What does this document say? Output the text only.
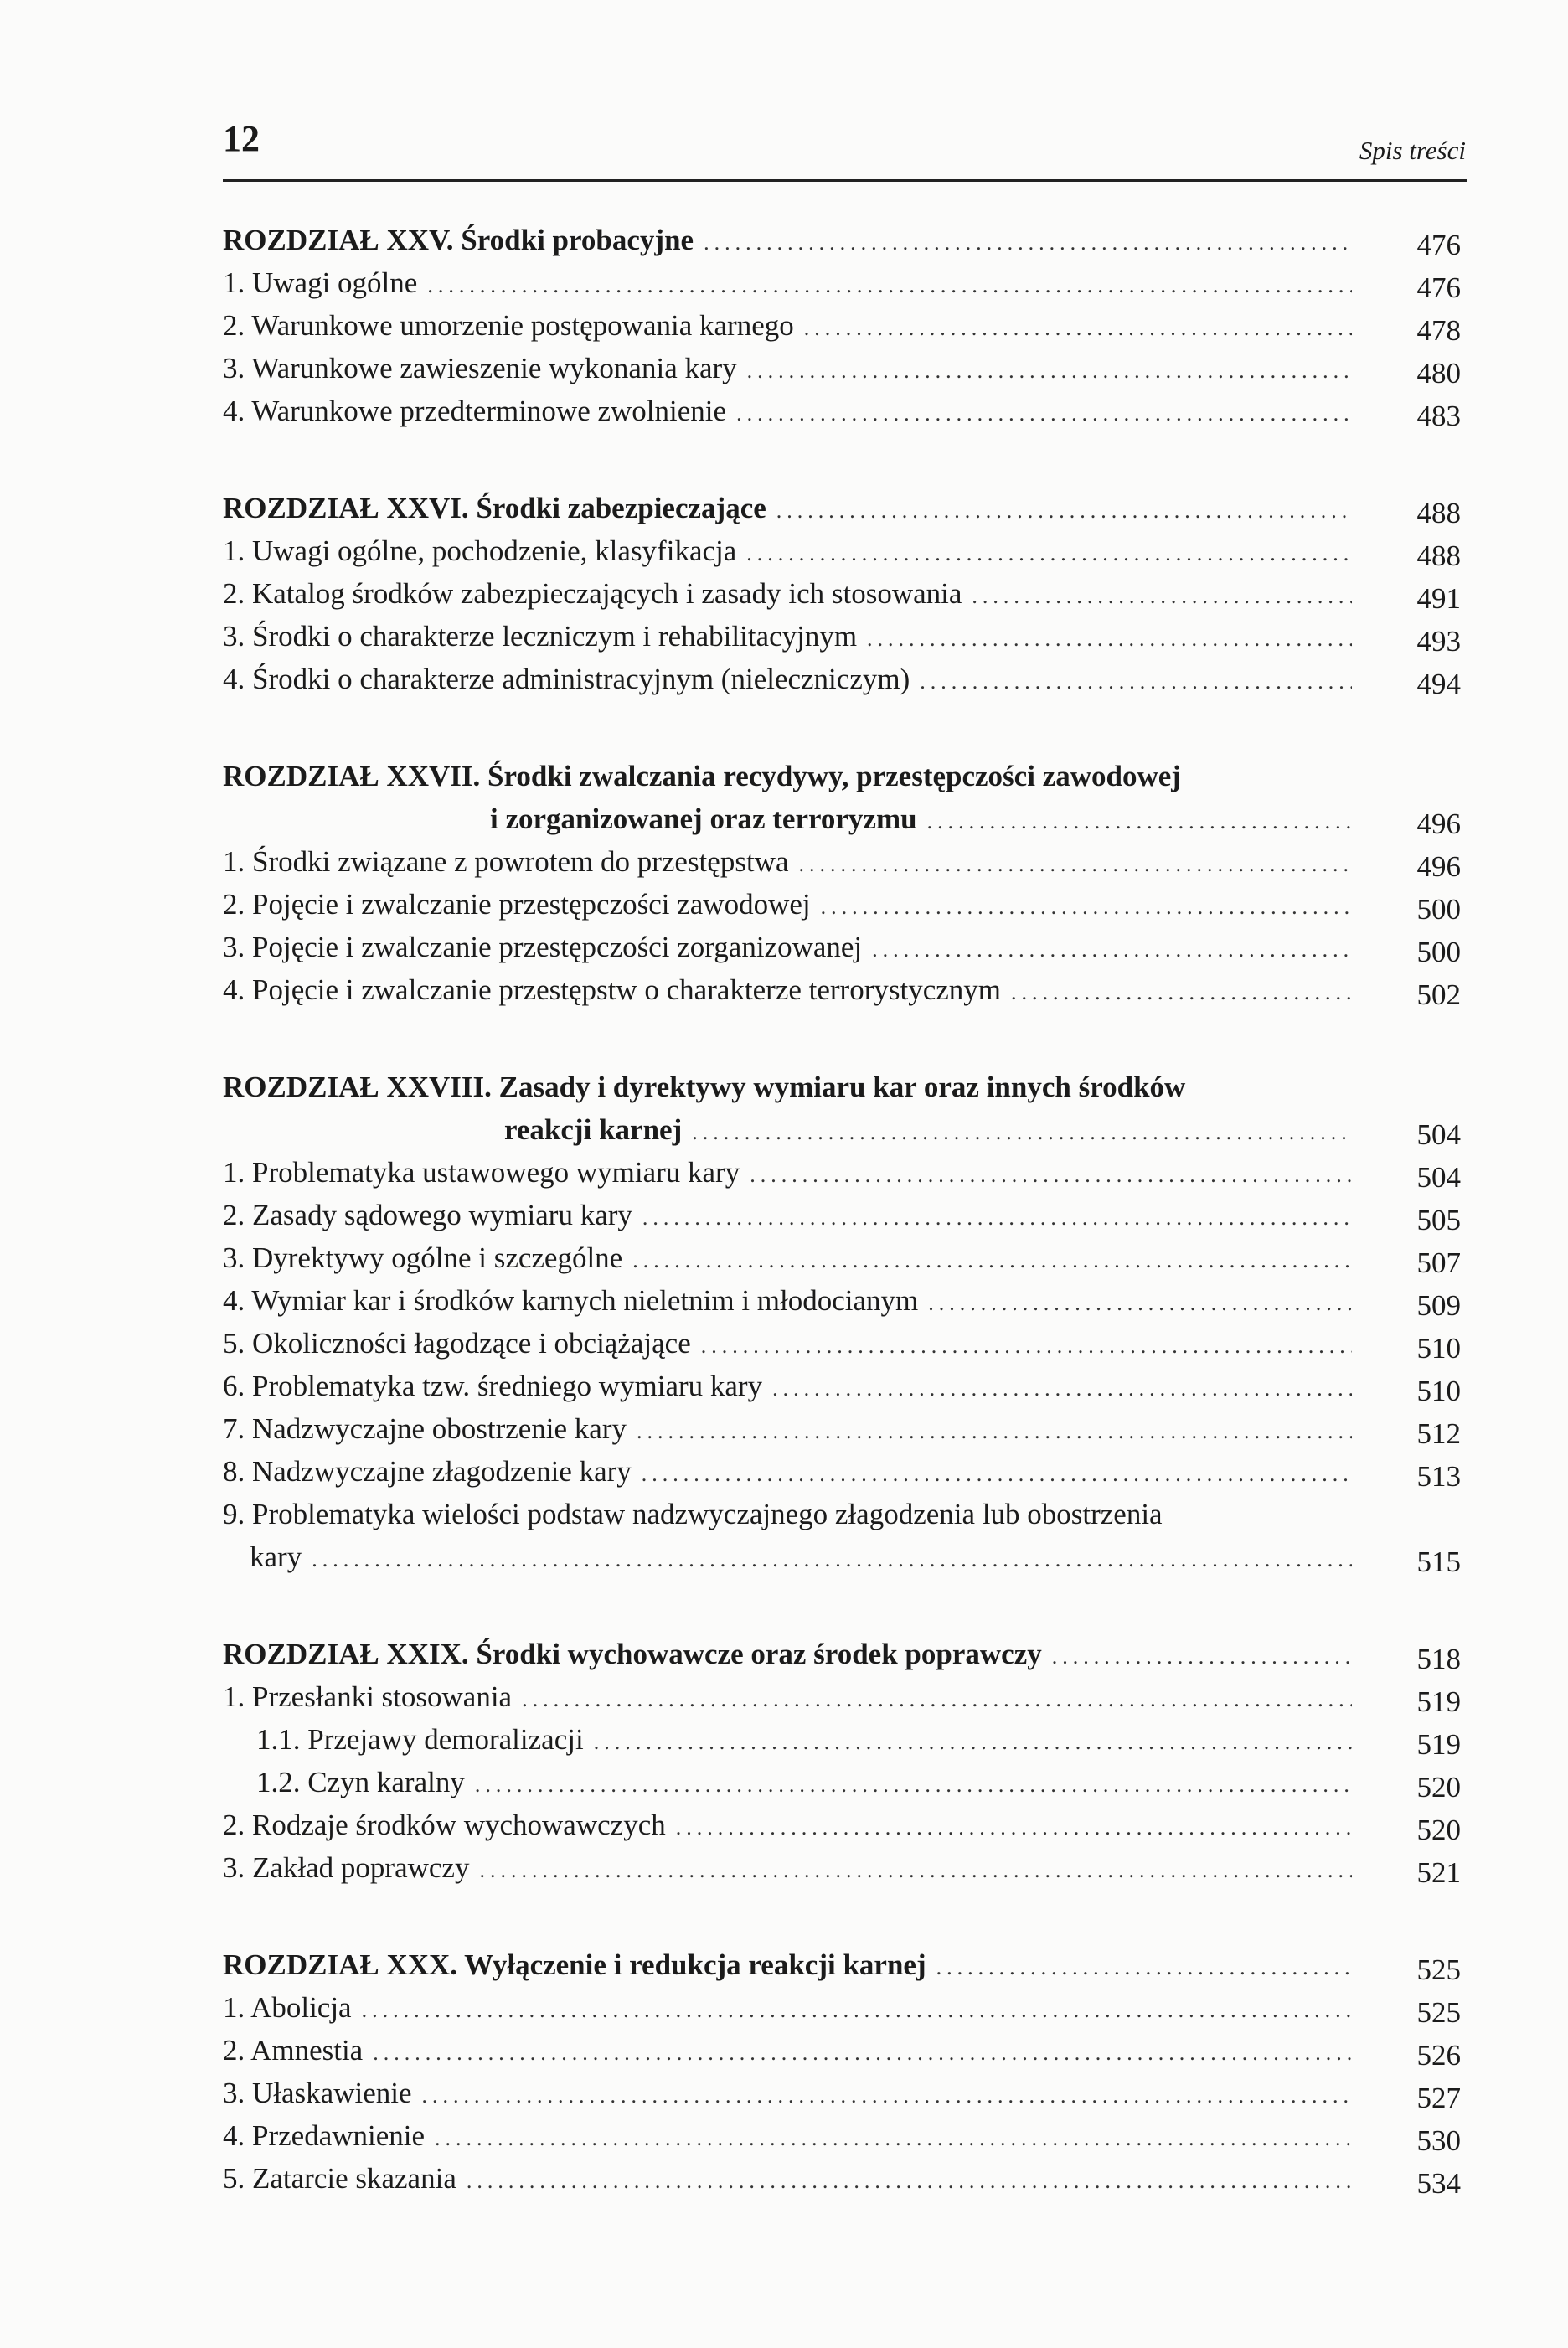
12	Spis treści
ROZDZIAŁ XXV. Środki probacyjne .....	476
1. Uwagi ogólne .....	476
2. Warunkowe umorzenie postępowania karnego .....	478
3. Warunkowe zawieszenie wykonania kary .....	480
4. Warunkowe przedterminowe zwolnienie .....	483
ROZDZIAŁ XXVI. Środki zabezpieczające .....	488
1. Uwagi ogólne, pochodzenie, klasyfikacja .....	488
2. Katalog środków zabezpieczających i zasady ich stosowania .....	491
3. Środki o charakterze leczniczym i rehabilitacyjnym .....	493
4. Środki o charakterze administracyjnym (nieleczniczym) .....	494
ROZDZIAŁ XXVII. Środki zwalczania recydywy, przestępczości zawodowej
i zorganizowanej oraz terroryzmu .....	496
1. Środki związane z powrotem do przestępstwa .....	496
2. Pojęcie i zwalczanie przestępczości zawodowej .....	500
3. Pojęcie i zwalczanie przestępczości zorganizowanej .....	500
4. Pojęcie i zwalczanie przestępstw o charakterze terrorystycznym .....	502
ROZDZIAŁ XXVIII. Zasady i dyrektywy wymiaru kar oraz innych środków
reakcji karnej .....	504
1. Problematyka ustawowego wymiaru kary .....	504
2. Zasady sądowego wymiaru kary .....	505
3. Dyrektywy ogólne i szczególne .....	507
4. Wymiar kar i środków karnych nieletnim i młodocianym .....	509
5. Okoliczności łagodzące i obciążające .....	510
6. Problematyka tzw. średniego wymiaru kary .....	510
7. Nadzwyczajne obostrzenie kary .....	512
8. Nadzwyczajne złagodzenie kary .....	513
9. Problematyka wielości podstaw nadzwyczajnego złagodzenia lub obostrzenia
kary .....	515
ROZDZIAŁ XXIX. Środki wychowawcze oraz środek poprawczy .....	518
1. Przesłanki stosowania .....	519
1.1. Przejawy demoralizacji .....	519
1.2. Czyn karalny .....	520
2. Rodzaje środków wychowawczych .....	520
3. Zakład poprawczy .....	521
ROZDZIAŁ XXX. Wyłączenie i redukcja reakcji karnej .....	525
1. Abolicja .....	525
2. Amnestia .....	526
3. Ułaskawienie .....	527
4. Przedawnienie .....	530
5. Zatarcie skazania .....	534
